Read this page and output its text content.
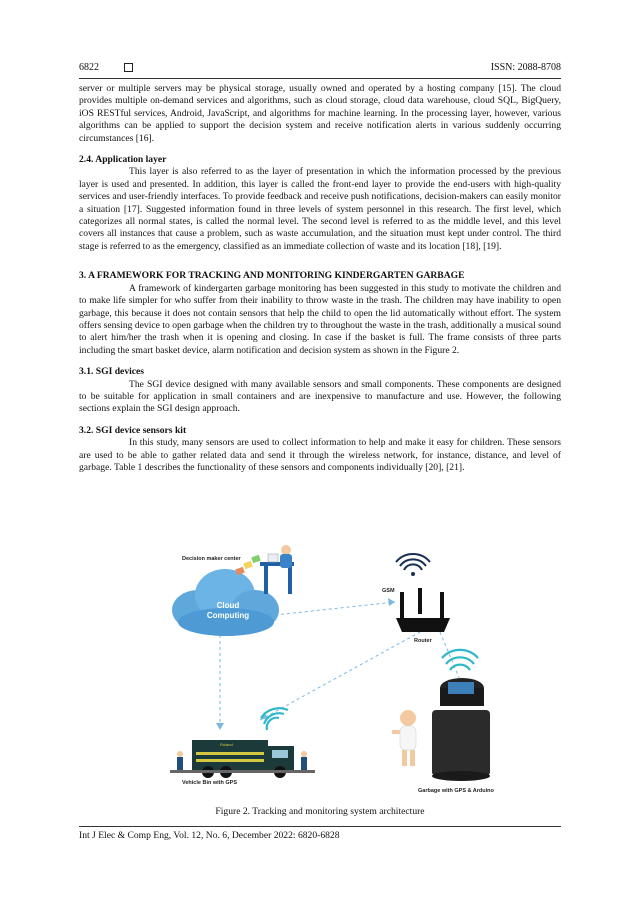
6822	ISSN: 2088-8708

server or multiple servers may be physical storage, usually owned and operated by a hosting company [15]. The cloud provides multiple on-demand services and algorithms, such as cloud storage, cloud data warehouse, cloud SQL, BigQuery, iOS RESTful services, Android, JavaScript, and algorithms for machine learning. In the processing layer, however, various algorithms can be applied to support the decision system and receive notification alerts in various suddenly occurring circumstances [16].

2.4. Application layer

This layer is also referred to as the layer of presentation in which the information processed by the previous layer is used and presented. In addition, this layer is called the front-end layer to provide the end-users with high-quality services and user-friendly interfaces. To provide feedback and receive push notifications, decision-makers can easily monitor a situation [17]. Suggested information found in three levels of system personnel in this research. The first level, which categorizes all normal states, is called the normal level. The second level is referred to as the middle level, and this level covers all instances that cause a problem, such as waste accumulation, and the situation must kept under control. The third stage is referred to as the emergency, classified as an immediate collection of waste and its location [18], [19].

3. A FRAMEWORK FOR TRACKING AND MONITORING KINDERGARTEN GARBAGE

A framework of kindergarten garbage monitoring has been suggested in this study to motivate the children and to make life simpler for who suffer from their inability to throw waste in the trash. The children may have inability to open garbage, this because it does not contain sensors that help the child to open the lid automatically without effort. The system offers sensing device to open garbage when the children try to throughout the waste in the trash, additionally a musical sound to alert him/her the trash when it is opening and closing. In case if the basket is full. The frame consists of three parts including the smart basket device, alarm notification and decision system as shown in the Figure 2.

3.1. SGI devices

The SGI device designed with many available sensors and small components. These components are designed to be suitable for application in small containers and are inexpensive to manufacture and use. However, the following sections explain the SGI design approach.

3.2. SGI device sensors kit

In this study, many sensors are used to collect information to help and make it easy for children. These sensors are used to be able to gather related data and send it through the wireless network, for instance, distance, and level of garbage. Table 1 describes the functionality of these sensors and components individually [20], [21].

Cloud
Computing
Decision maker center
GSM
Router
Garbage with GPS & Arduino
Roland
Vehicle Bin with GPS
Figure 2. Tracking and monitoring system architecture
Int J Elec & Comp Eng, Vol. 12, No. 6, December 2022: 6820-6828
